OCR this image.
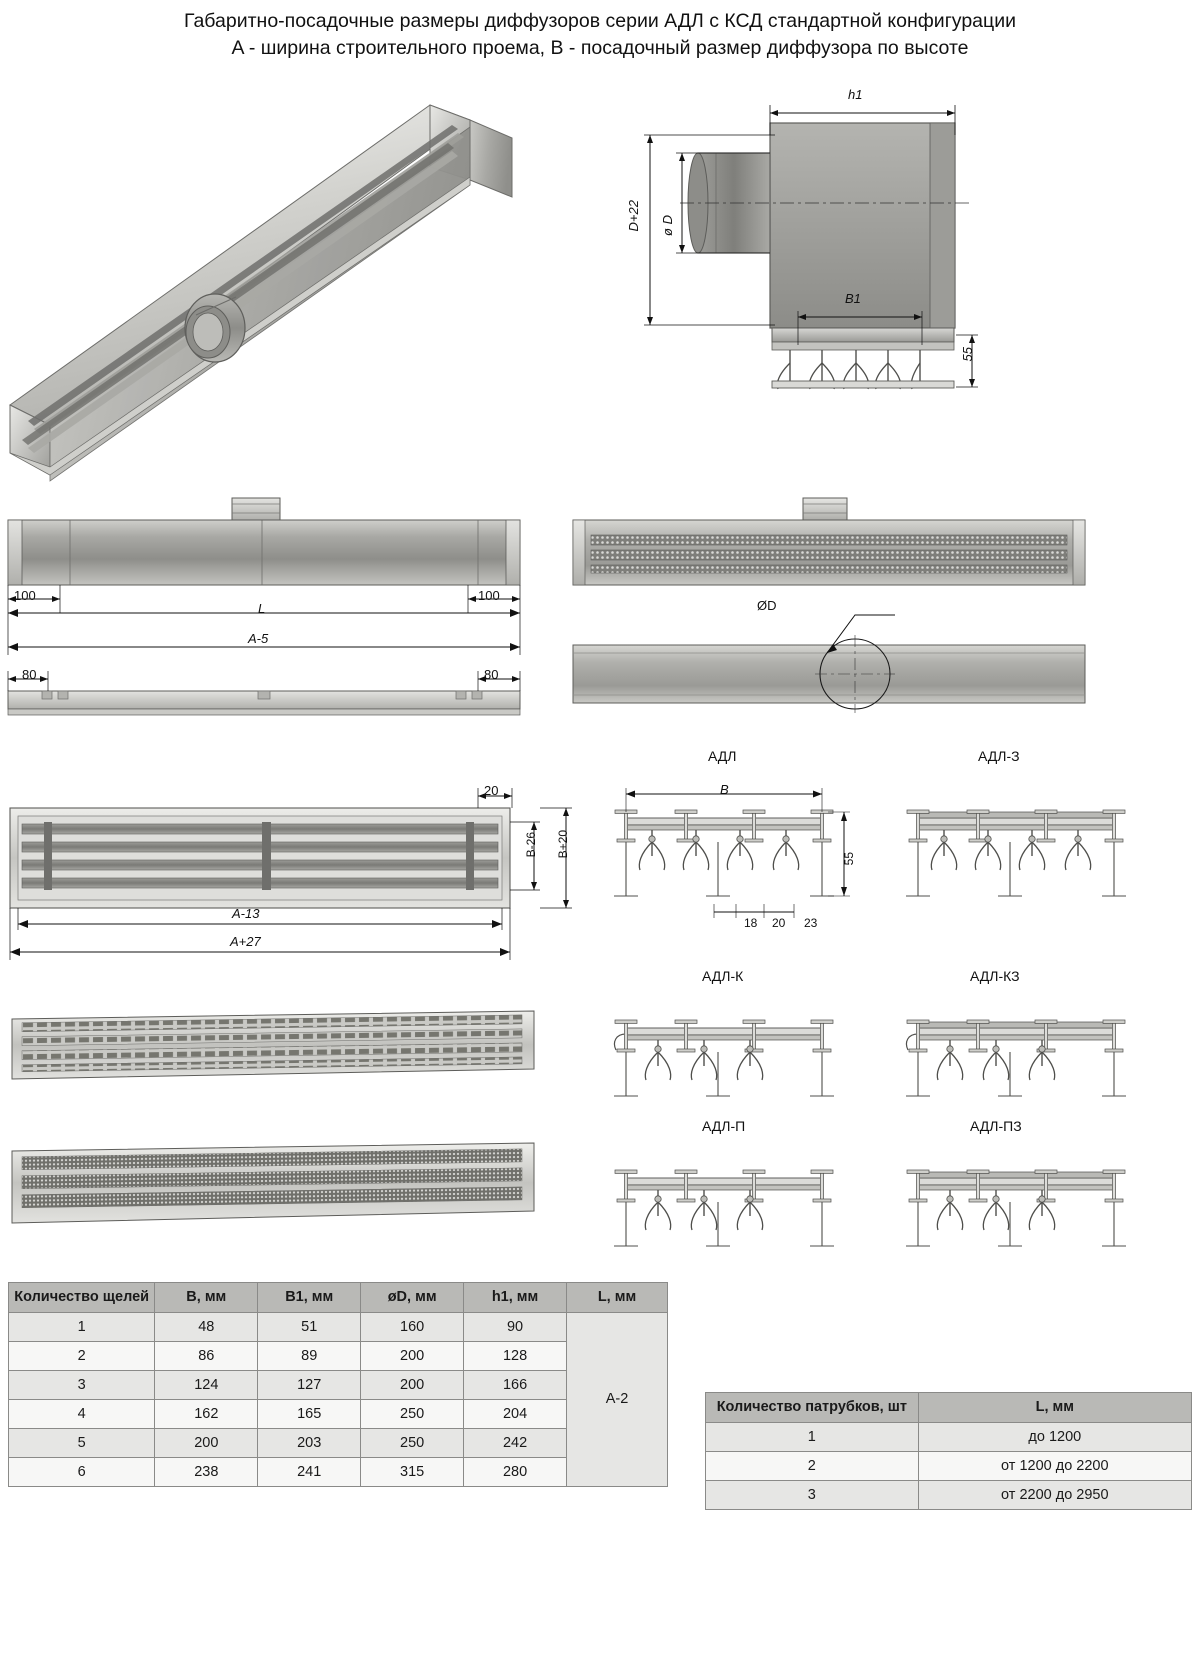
Габаритно-посадочные размеры диффузоров серии АДЛ с КСД стандартной конфигурации
A - ширина строительного проема, B - посадочный размер диффузора по высоте
h1
D+22 ø D
B1
55
100	100
L
A-5
80	80
ØD
20
B-26 B+20
A-13
A+27
АДЛ	АДЛ-З
АДЛ-К	АДЛ-КЗ
АДЛ-П	АДЛ-ПЗ
B
55
18 20 23
Количество щелей	B, мм	B1, мм	øD, мм	h1, мм	L, мм
1	48	51	160	90	A-2
2	86	89	200	128	
3	124	127	200	166	
4	162	165	250	204	
5	200	203	250	242	
6	238	241	315	280	
Количество патрубков, шт	L, мм
1	до 1200
2	от 1200 до 2200
3	от 2200 до 2950
